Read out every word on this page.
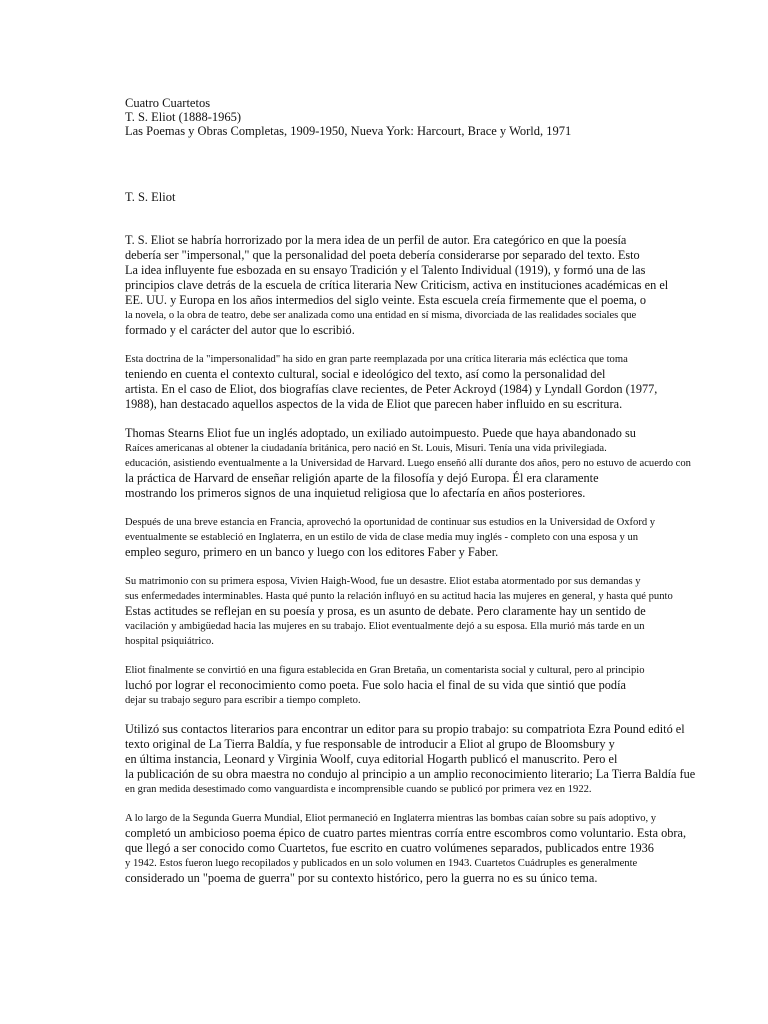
Cuatro Cuartetos
T. S. Eliot (1888-1965)
Las Poemas y Obras Completas, 1909-1950, Nueva York: Harcourt, Brace y World, 1971
T. S. Eliot
T. S. Eliot se habría horrorizado por la mera idea de un perfil de autor. Era categórico en que la poesía
debería ser "impersonal," que la personalidad del poeta debería considerarse por separado del texto. Esto
La idea influyente fue esbozada en su ensayo Tradición y el Talento Individual (1919), y formó una de las
principios clave detrás de la escuela de crítica literaria New Criticism, activa en instituciones académicas en el
EE. UU. y Europa en los años intermedios del siglo veinte. Esta escuela creía firmemente que el poema, o
la novela, o la obra de teatro, debe ser analizada como una entidad en sí misma, divorciada de las realidades sociales que
formado y el carácter del autor que lo escribió.
Esta doctrina de la "impersonalidad" ha sido en gran parte reemplazada por una crítica literaria más ecléctica que toma
teniendo en cuenta el contexto cultural, social e ideológico del texto, así como la personalidad del
artista. En el caso de Eliot, dos biografías clave recientes, de Peter Ackroyd (1984) y Lyndall Gordon (1977,
1988), han destacado aquellos aspectos de la vida de Eliot que parecen haber influido en su escritura.
Thomas Stearns Eliot fue un inglés adoptado, un exiliado autoimpuesto. Puede que haya abandonado su
Raíces americanas al obtener la ciudadanía británica, pero nació en St. Louis, Misuri. Tenía una vida privilegiada.
educación, asistiendo eventualmente a la Universidad de Harvard. Luego enseñó allí durante dos años, pero no estuvo de acuerdo con
la práctica de Harvard de enseñar religión aparte de la filosofía y dejó Europa. Él era claramente
mostrando los primeros signos de una inquietud religiosa que lo afectaría en años posteriores.
Después de una breve estancia en Francia, aprovechó la oportunidad de continuar sus estudios en la Universidad de Oxford y
eventualmente se estableció en Inglaterra, en un estilo de vida de clase media muy inglés - completo con una esposa y un
empleo seguro, primero en un banco y luego con los editores Faber y Faber.
Su matrimonio con su primera esposa, Vivien Haigh-Wood, fue un desastre. Eliot estaba atormentado por sus demandas y
sus enfermedades interminables. Hasta qué punto la relación influyó en su actitud hacia las mujeres en general, y hasta qué punto
Estas actitudes se reflejan en su poesía y prosa, es un asunto de debate. Pero claramente hay un sentido de
vacilación y ambigüedad hacia las mujeres en su trabajo. Eliot eventualmente dejó a su esposa. Ella murió más tarde en un
hospital psiquiátrico.
Eliot finalmente se convirtió en una figura establecida en Gran Bretaña, un comentarista social y cultural, pero al principio
luchó por lograr el reconocimiento como poeta. Fue solo hacia el final de su vida que sintió que podía
dejar su trabajo seguro para escribir a tiempo completo.
Utilizó sus contactos literarios para encontrar un editor para su propio trabajo: su compatriota Ezra Pound editó el
texto original de La Tierra Baldía, y fue responsable de introducir a Eliot al grupo de Bloomsbury y
en última instancia, Leonard y Virginia Woolf, cuya editorial Hogarth publicó el manuscrito. Pero el
la publicación de su obra maestra no condujo al principio a un amplio reconocimiento literario; La Tierra Baldía fue
en gran medida desestimado como vanguardista e incomprensible cuando se publicó por primera vez en 1922.
A lo largo de la Segunda Guerra Mundial, Eliot permaneció en Inglaterra mientras las bombas caían sobre su país adoptivo, y
completó un ambicioso poema épico de cuatro partes mientras corría entre escombros como voluntario. Esta obra,
que llegó a ser conocido como Cuartetos, fue escrito en cuatro volúmenes separados, publicados entre 1936
y 1942. Estos fueron luego recopilados y publicados en un solo volumen en 1943. Cuartetos Cuádruples es generalmente
considerado un "poema de guerra" por su contexto histórico, pero la guerra no es su único tema.
